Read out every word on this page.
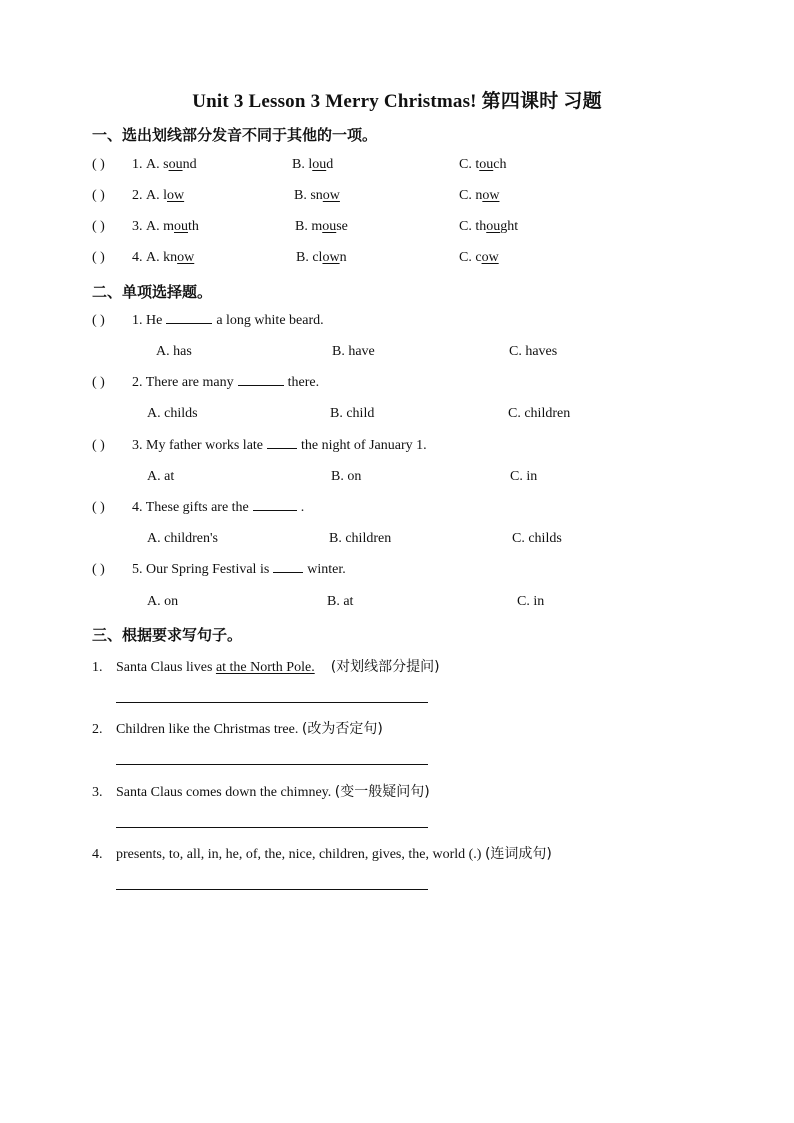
Unit 3 Lesson 3 Merry Christmas! 第四课时 习题
一、选出划线部分发音不同于其他的一项。
( ) 1. A. sound	B. loud	C. touch
( ) 2. A. low	B. snow	C. now
( ) 3. A. mouth	B. mouse	C. thought
( ) 4. A. know	B. clown	C. cow
二、单项选择题。
( ) 1. He	a long white beard.
A. has	B. have	C. haves
( ) 2. There are many	there.
A. childs	B. child	C. children
( ) 3. My father works late	the night of January 1.
A. at	B. on	C. in
( ) 4. These gifts are the	.
A. children's	B. children	C. childs
( ) 5. Our Spring Festival is	winter.
A. on	B. at	C. in
三、根据要求写句子。
1. Santa Claus lives at the North Pole. (对划线部分提问)
2. Children like the Christmas tree. (改为否定句)
3. Santa Claus comes down the chimney. (变一般疑问句)
4. presents, to, all, in, he, of, the, nice, children, gives, the, world (.) (连词成句)
